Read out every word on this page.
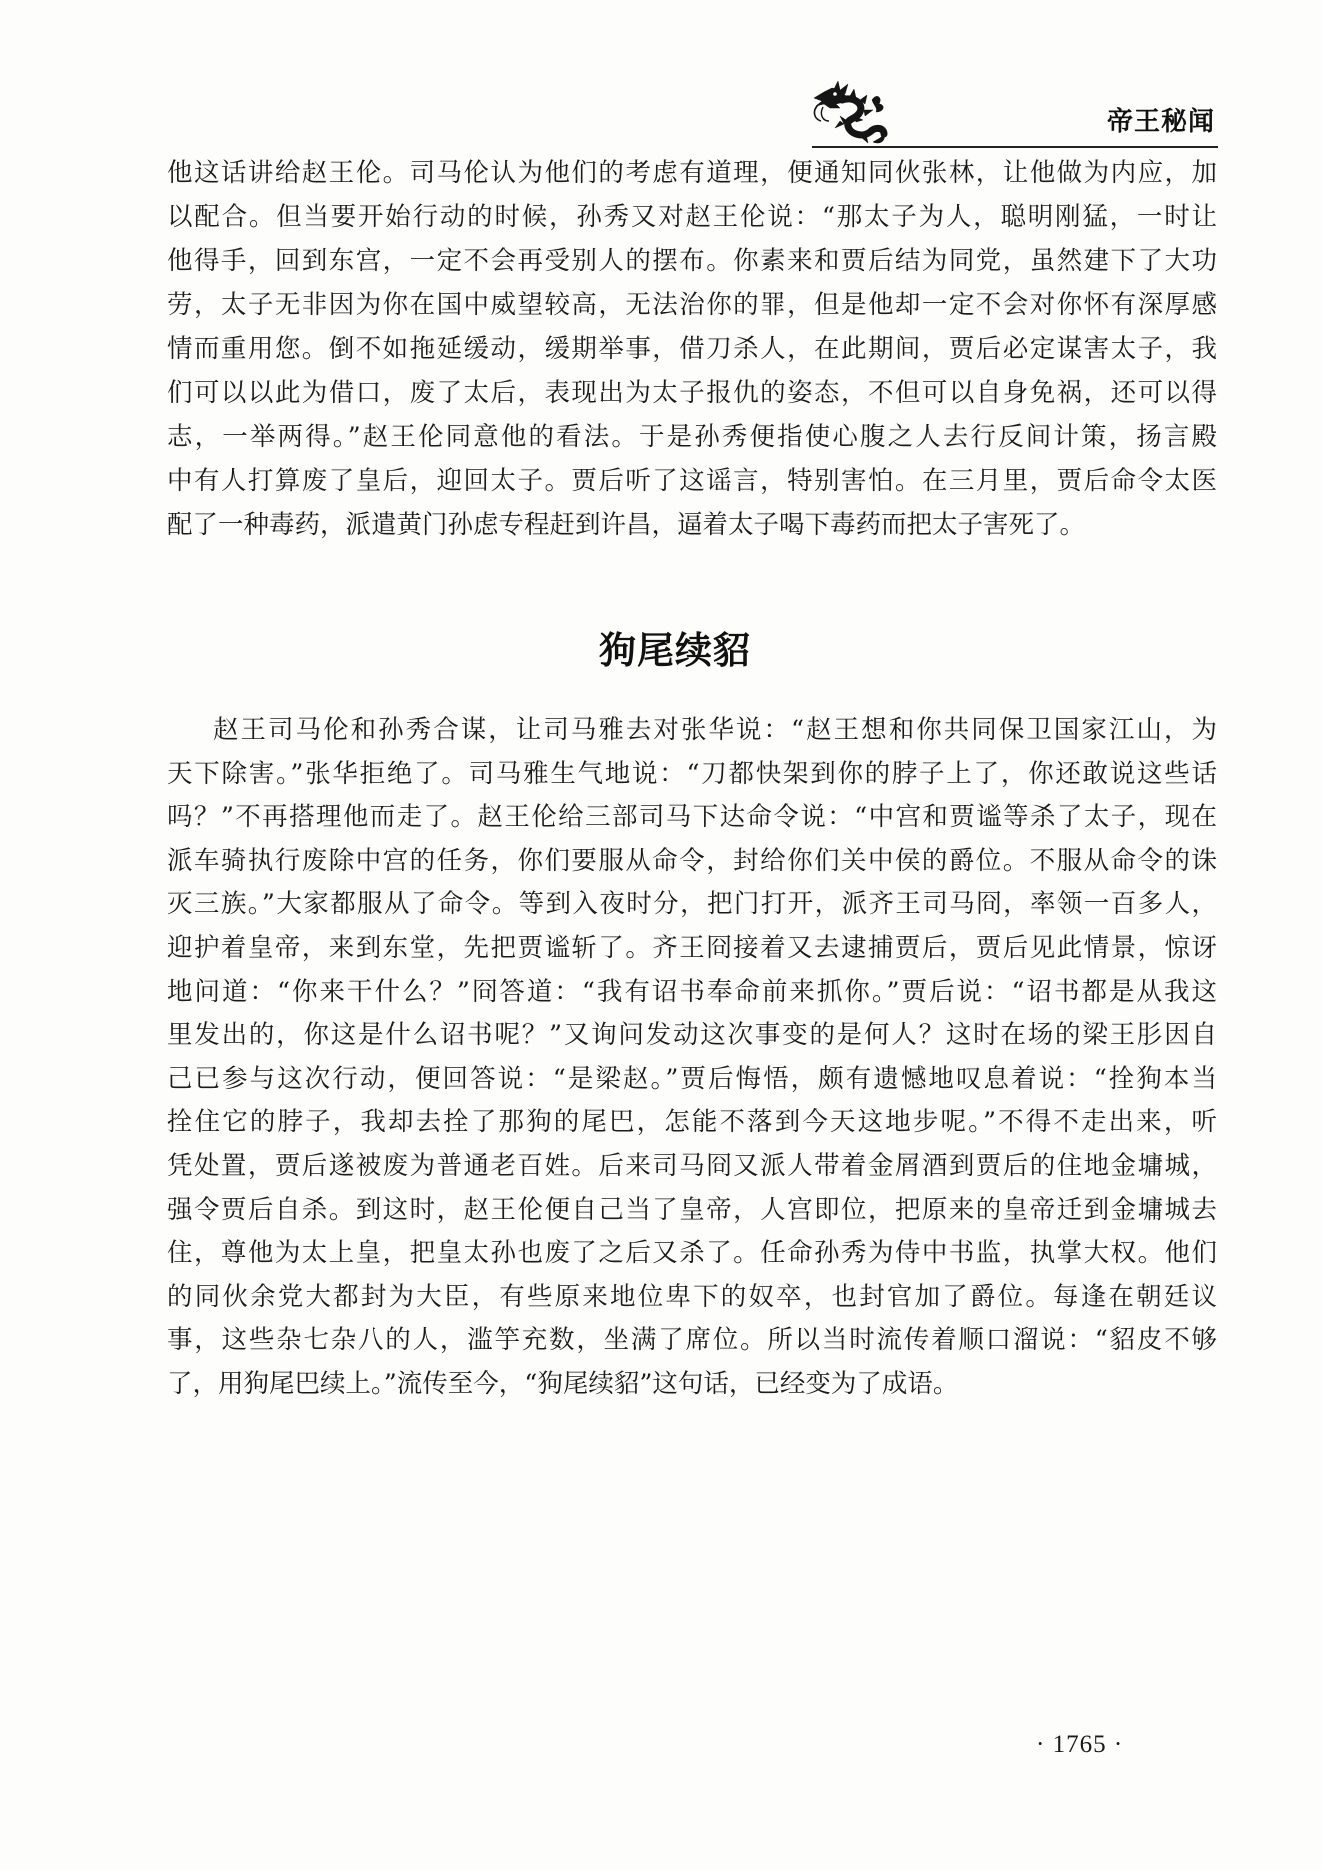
帝王秘闻
他这话讲给赵王伦。司马伦认为他们的考虑有道理，便通知同伙张林，让他做为内应，加
以配合。但当要开始行动的时候，孙秀又对赵王伦说：“那太子为人，聪明刚猛，一时让
他得手，回到东宫，一定不会再受别人的摆布。你素来和贾后结为同党，虽然建下了大功
劳，太子无非因为你在国中威望较高，无法治你的罪，但是他却一定不会对你怀有深厚感
情而重用您。倒不如拖延缓动，缓期举事，借刀杀人，在此期间，贾后必定谋害太子，我
们可以以此为借口，废了太后，表现出为太子报仇的姿态，不但可以自身免祸，还可以得
志，一举两得。”赵王伦同意他的看法。于是孙秀便指使心腹之人去行反间计策，扬言殿
中有人打算废了皇后，迎回太子。贾后听了这谣言，特别害怕。在三月里，贾后命令太医
配了一种毒药，派遣黄门孙虑专程赶到许昌，逼着太子喝下毒药而把太子害死了。
狗尾续貂
赵王司马伦和孙秀合谋，让司马雅去对张华说：“赵王想和你共同保卫国家江山，为
天下除害。”张华拒绝了。司马雅生气地说：“刀都快架到你的脖子上了，你还敢说这些话
吗？”不再搭理他而走了。赵王伦给三部司马下达命令说：“中宫和贾谧等杀了太子，现在
派车骑执行废除中宫的任务，你们要服从命令，封给你们关中侯的爵位。不服从命令的诛
灭三族。”大家都服从了命令。等到入夜时分，把门打开，派齐王司马冏，率领一百多人，
迎护着皇帝，来到东堂，先把贾谧斩了。齐王冏接着又去逮捕贾后，贾后见此情景，惊讶
地问道：“你来干什么？”冏答道：“我有诏书奉命前来抓你。”贾后说：“诏书都是从我这
里发出的，你这是什么诏书呢？”又询问发动这次事变的是何人？这时在场的梁王肜因自
己已参与这次行动，便回答说：“是梁赵。”贾后悔悟，颇有遗憾地叹息着说：“拴狗本当
拴住它的脖子，我却去拴了那狗的尾巴，怎能不落到今天这地步呢。”不得不走出来，听
凭处置，贾后遂被废为普通老百姓。后来司马冏又派人带着金屑酒到贾后的住地金墉城，
强令贾后自杀。到这时，赵王伦便自己当了皇帝，人宫即位，把原来的皇帝迁到金墉城去
住，尊他为太上皇，把皇太孙也废了之后又杀了。任命孙秀为侍中书监，执掌大权。他们
的同伙余党大都封为大臣，有些原来地位卑下的奴卒，也封官加了爵位。每逢在朝廷议
事，这些杂七杂八的人，滥竽充数，坐满了席位。所以当时流传着顺口溜说：“貂皮不够
了，用狗尾巴续上。”流传至今，“狗尾续貂”这句话，已经变为了成语。
· 1765 ·
